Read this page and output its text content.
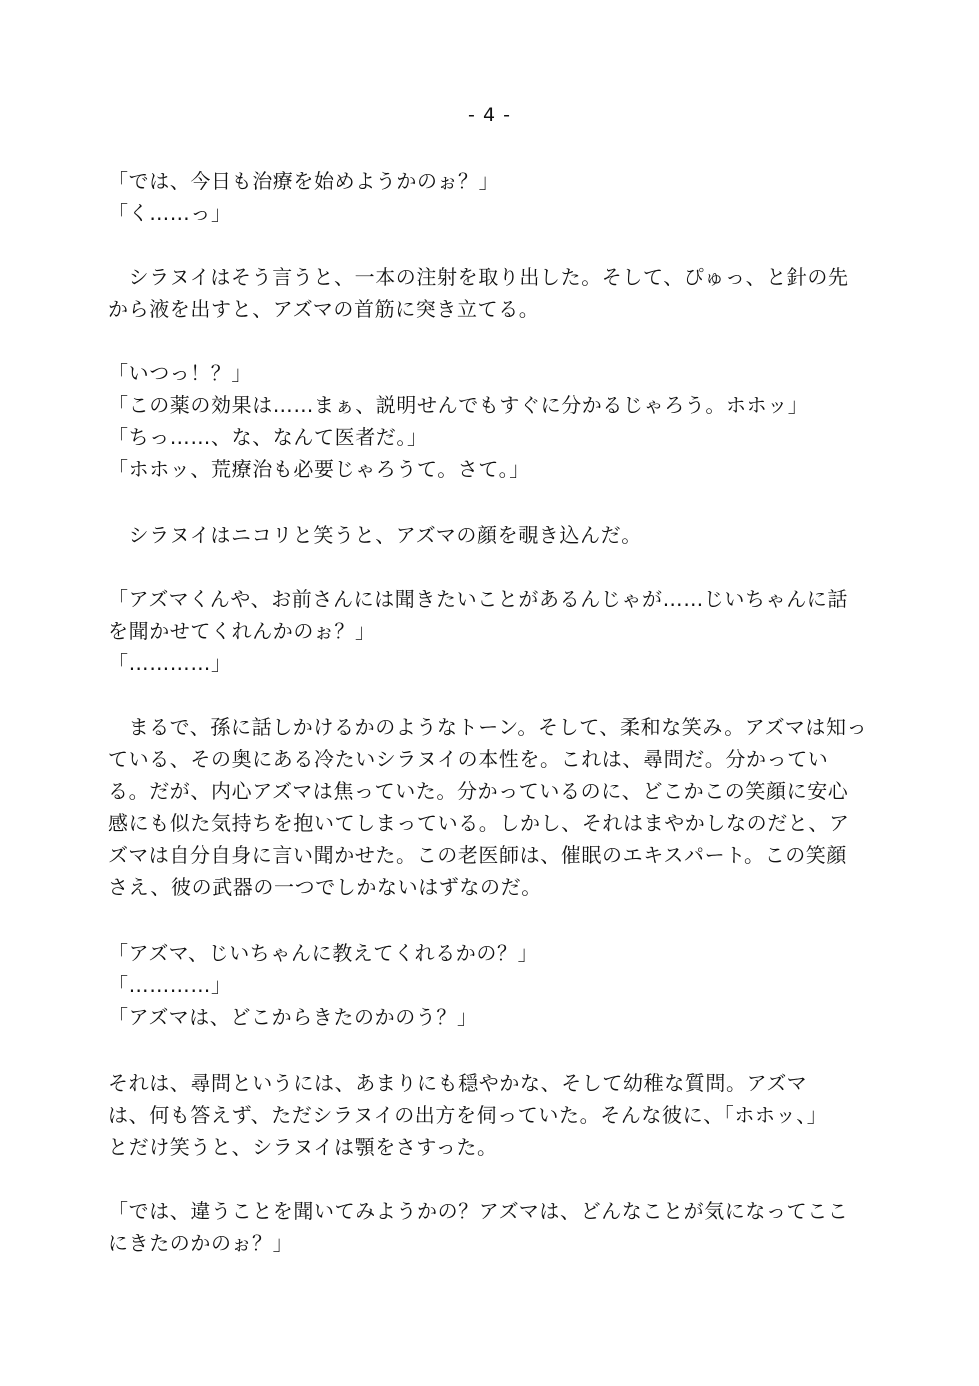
- 4 -
「では、今日も治療を始めようかのぉ？」
「く……っ」
　シラヌイはそう言うと、一本の注射を取り出した。そして、ぴゅっ、と針の先
から液を出すと、アズマの首筋に突き立てる。
「いつっ！？」
「この薬の効果は……まぁ、説明せんでもすぐに分かるじゃろう。ホホッ」
「ちっ……、な、なんて医者だ。」
「ホホッ、荒療治も必要じゃろうて。さて。」
　シラヌイはニコリと笑うと、アズマの顔を覗き込んだ。
「アズマくんや、お前さんには聞きたいことがあるんじゃが……じいちゃんに話
を聞かせてくれんかのぉ？」
「…………」
　まるで、孫に話しかけるかのようなトーン。そして、柔和な笑み。アズマは知っ
ている、その奥にある冷たいシラヌイの本性を。これは、尋問だ。分かってい
る。だが、内心アズマは焦っていた。分かっているのに、どこかこの笑顔に安心
感にも似た気持ちを抱いてしまっている。しかし、それはまやかしなのだと、ア
ズマは自分自身に言い聞かせた。この老医師は、催眠のエキスパート。この笑顔
さえ、彼の武器の一つでしかないはずなのだ。
「アズマ、じいちゃんに教えてくれるかの？」
「…………」
「アズマは、どこからきたのかのう？」
それは、尋問というには、あまりにも穏やかな、そして幼稚な質問。アズマ
は、何も答えず、ただシラヌイの出方を伺っていた。そんな彼に、「ホホッ、」
とだけ笑うと、シラヌイは顎をさすった。
「では、違うことを聞いてみようかの？アズマは、どんなことが気になってここ
にきたのかのぉ？」
